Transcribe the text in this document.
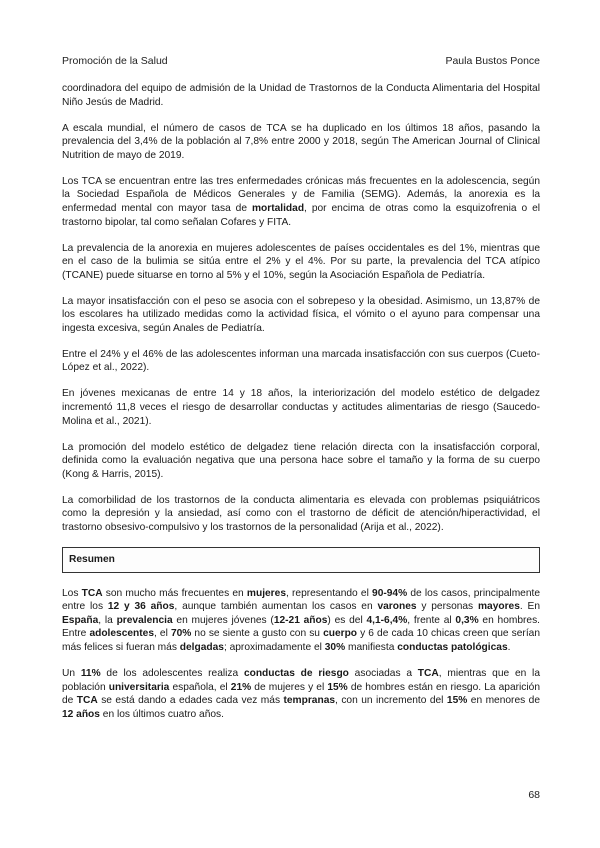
Promoción de la Salud	Paula Bustos Ponce

coordinadora del equipo de admisión de la Unidad de Trastornos de la Conducta Alimentaria del Hospital Niño Jesús de Madrid.

A escala mundial, el número de casos de TCA se ha duplicado en los últimos 18 años, pasando la prevalencia del 3,4% de la población al 7,8% entre 2000 y 2018, según The American Journal of Clinical Nutrition de mayo de 2019.

Los TCA se encuentran entre las tres enfermedades crónicas más frecuentes en la adolescencia, según la Sociedad Española de Médicos Generales y de Familia (SEMG). Además, la anorexia es la enfermedad mental con mayor tasa de mortalidad, por encima de otras como la esquizofrenia o el trastorno bipolar, tal como señalan Cofares y FITA.

La prevalencia de la anorexia en mujeres adolescentes de países occidentales es del 1%, mientras que en el caso de la bulimia se sitúa entre el 2% y el 4%. Por su parte, la prevalencia del TCA atípico (TCANE) puede situarse en torno al 5% y el 10%, según la Asociación Española de Pediatría.

La mayor insatisfacción con el peso se asocia con el sobrepeso y la obesidad. Asimismo, un 13,87% de los escolares ha utilizado medidas como la actividad física, el vómito o el ayuno para compensar una ingesta excesiva, según Anales de Pediatría.

Entre el 24% y el 46% de las adolescentes informan una marcada insatisfacción con sus cuerpos (Cueto-López et al., 2022).

En jóvenes mexicanas de entre 14 y 18 años, la interiorización del modelo estético de delgadez incrementó 11,8 veces el riesgo de desarrollar conductas y actitudes alimentarias de riesgo (Saucedo-Molina et al., 2021).

La promoción del modelo estético de delgadez tiene relación directa con la insatisfacción corporal, definida como la evaluación negativa que una persona hace sobre el tamaño y la forma de su cuerpo (Kong & Harris, 2015).

La comorbilidad de los trastornos de la conducta alimentaria es elevada con problemas psiquiátricos como la depresión y la ansiedad, así como con el trastorno de déficit de atención/hiperactividad, el trastorno obsesivo-compulsivo y los trastornos de la personalidad (Arija et al., 2022).

Resumen

Los TCA son mucho más frecuentes en mujeres, representando el 90-94% de los casos, principalmente entre los 12 y 36 años, aunque también aumentan los casos en varones y personas mayores. En España, la prevalencia en mujeres jóvenes (12-21 años) es del 4,1-6,4%, frente al 0,3% en hombres. Entre adolescentes, el 70% no se siente a gusto con su cuerpo y 6 de cada 10 chicas creen que serían más felices si fueran más delgadas; aproximadamente el 30% manifiesta conductas patológicas.

Un 11% de los adolescentes realiza conductas de riesgo asociadas a TCA, mientras que en la población universitaria española, el 21% de mujeres y el 15% de hombres están en riesgo. La aparición de TCA se está dando a edades cada vez más tempranas, con un incremento del 15% en menores de 12 años en los últimos cuatro años.

68
